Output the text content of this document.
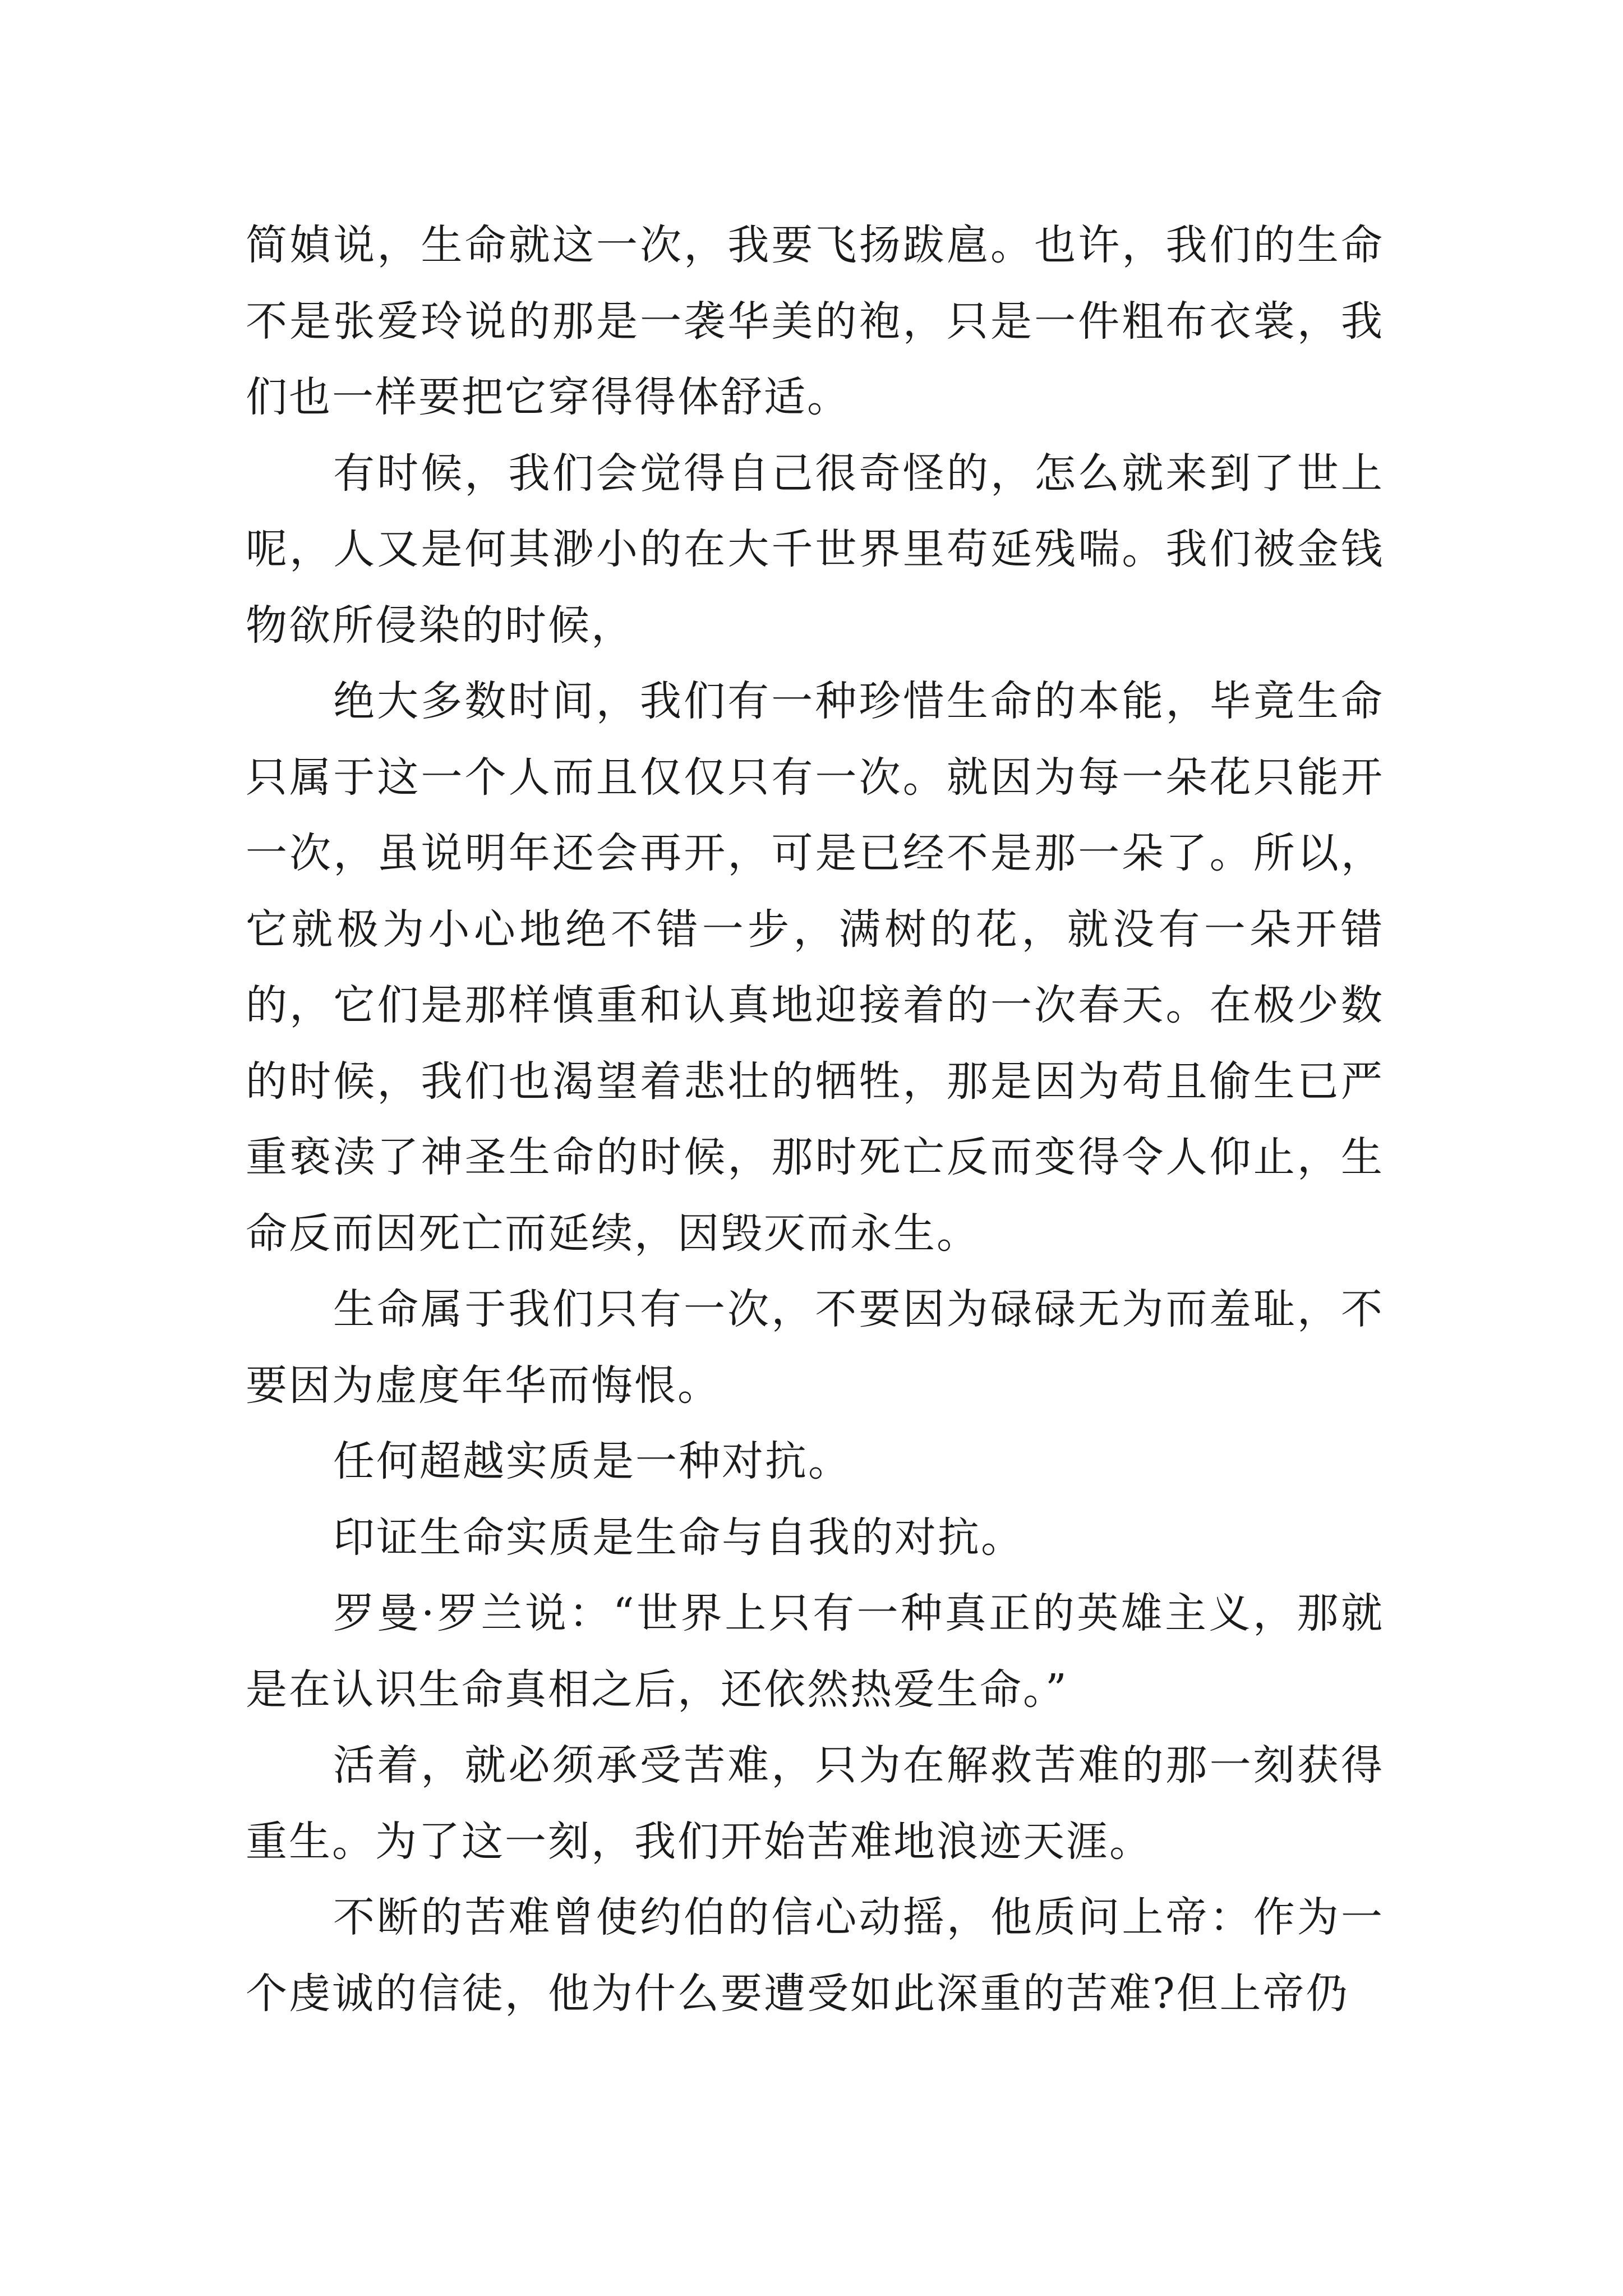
简媜说，生命就这一次，我要飞扬跋扈。也许，我们的生命不是张爱玲说的那是一袭华美的袍，只是一件粗布衣裳，我们也一样要把它穿得得体舒适。

有时候，我们会觉得自己很奇怪的，怎么就来到了世上呢，人又是何其渺小的在大千世界里苟延残喘。我们被金钱物欲所侵染的时候，

绝大多数时间，我们有一种珍惜生命的本能，毕竟生命只属于这一个人而且仅仅只有一次。就因为每一朵花只能开一次，虽说明年还会再开，可是已经不是那一朵了。所以，它就极为小心地绝不错一步，满树的花，就没有一朵开错的，它们是那样慎重和认真地迎接着的一次春天。在极少数的时候，我们也渴望着悲壮的牺牲，那是因为苟且偷生已严重亵渎了神圣生命的时候，那时死亡反而变得令人仰止，生命反而因死亡而延续，因毁灭而永生。

生命属于我们只有一次，不要因为碌碌无为而羞耻，不要因为虚度年华而悔恨。

任何超越实质是一种对抗。

印证生命实质是生命与自我的对抗。

罗曼·罗兰说：“世界上只有一种真正的英雄主义，那就是在认识生命真相之后，还依然热爱生命。”

活着，就必须承受苦难，只为在解救苦难的那一刻获得重生。为了这一刻，我们开始苦难地浪迹天涯。

不断的苦难曾使约伯的信心动摇，他质问上帝：作为一个虔诚的信徒，他为什么要遭受如此深重的苦难?但上帝仍
